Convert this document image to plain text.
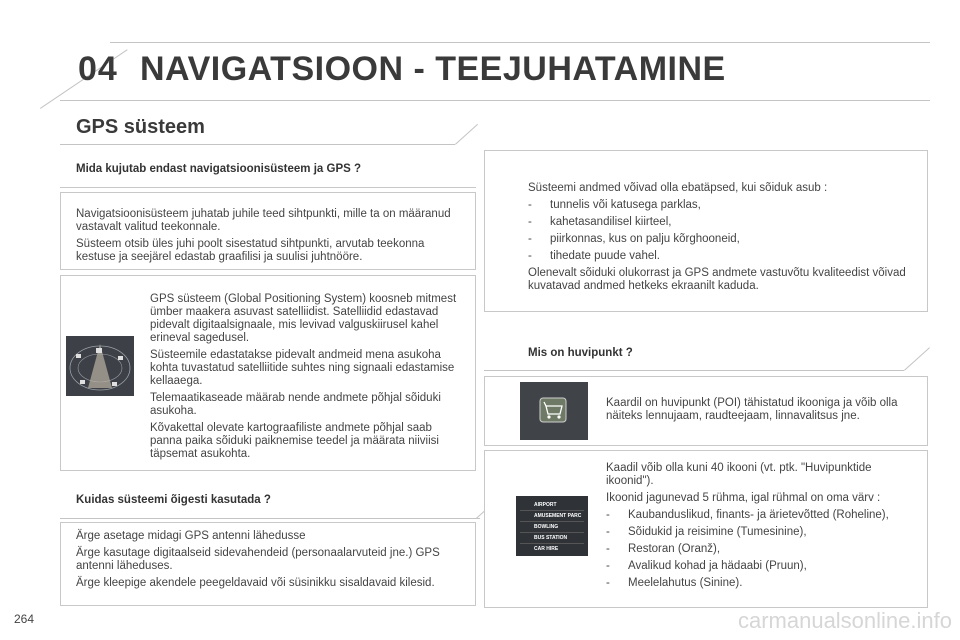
04 NAVIGATSIOON - TEEJUHATAMINE
GPS süsteem
Mida kujutab endast navigatsioonisüsteem ja GPS ?

Navigatsioonisüsteem juhatab juhile teed sihtpunkti, mille ta on määranud vastavalt valitud teekonnale.

Süsteem otsib üles juhi poolt sisestatud sihtpunkti, arvutab teekonna kestuse ja seejärel edastab graafilisi ja suulisi juhtnööre.

GPS süsteem (Global Positioning System) koosneb mitmest ümber maakera asuvast satelliidist. Satelliidid edastavad pidevalt digitaalsignaale, mis levivad valguskiirusel kahel erineval sagedusel.

Süsteemile edastatakse pidevalt andmeid mena asukoha kohta tuvastatud satelliitide suhtes ning signaali edastamise kellaaega.

Telemaatikaseade määrab nende andmete põhjal sõiduki asukoha.

Kõvakettal olevate kartograafiliste andmete põhjal saab panna paika sõiduki paiknemise teedel ja määrata niiviisi täpsemat asukohta.

Kuidas süsteemi õigesti kasutada ?

Ärge asetage midagi GPS antenni lähedusse

Ärge kasutage digitaalseid sidevahendeid (personaalarvuteid jne.) GPS antenni läheduses.

Ärge kleepige akendele peegeldavaid või süsinikku sisaldavaid kilesid.

Süsteemi andmed võivad olla ebatäpsed, kui sõiduk asub :

- tunnelis või katusega parklas,
- kahetasandilisel kiirteel,
- piirkonnas, kus on palju kõrghooneid,
- tihedate puude vahel.

Olenevalt sõiduki olukorrast ja GPS andmete vastuvõtu kvaliteedist võivad kuvatavad andmed hetkeks ekraanilt kaduda.

Mis on huvipunkt ?
Kaardil on huvipunkt (POI) tähistatud ikooniga ja võib olla näiteks lennujaam, raudteejaam, linnavalitsus jne.
AIRPORT
AMUSEMENT PARC
BOWLING
BUS STATION
CAR HIRE

Kaadil võib olla kuni 40 ikooni (vt. ptk. "Huvipunktide ikoonid").

Ikoonid jagunevad 5 rühma, igal rühmal on oma värv :

- Kaubanduslikud, finants- ja ärietevõtted (Roheline),
- Sõidukid ja reisimine (Tumesinine),
- Restoran (Oranž),
- Avalikud kohad ja hädaabi (Pruun),
- Meelelahutus (Sinine).
264	carmanualsonline.info
